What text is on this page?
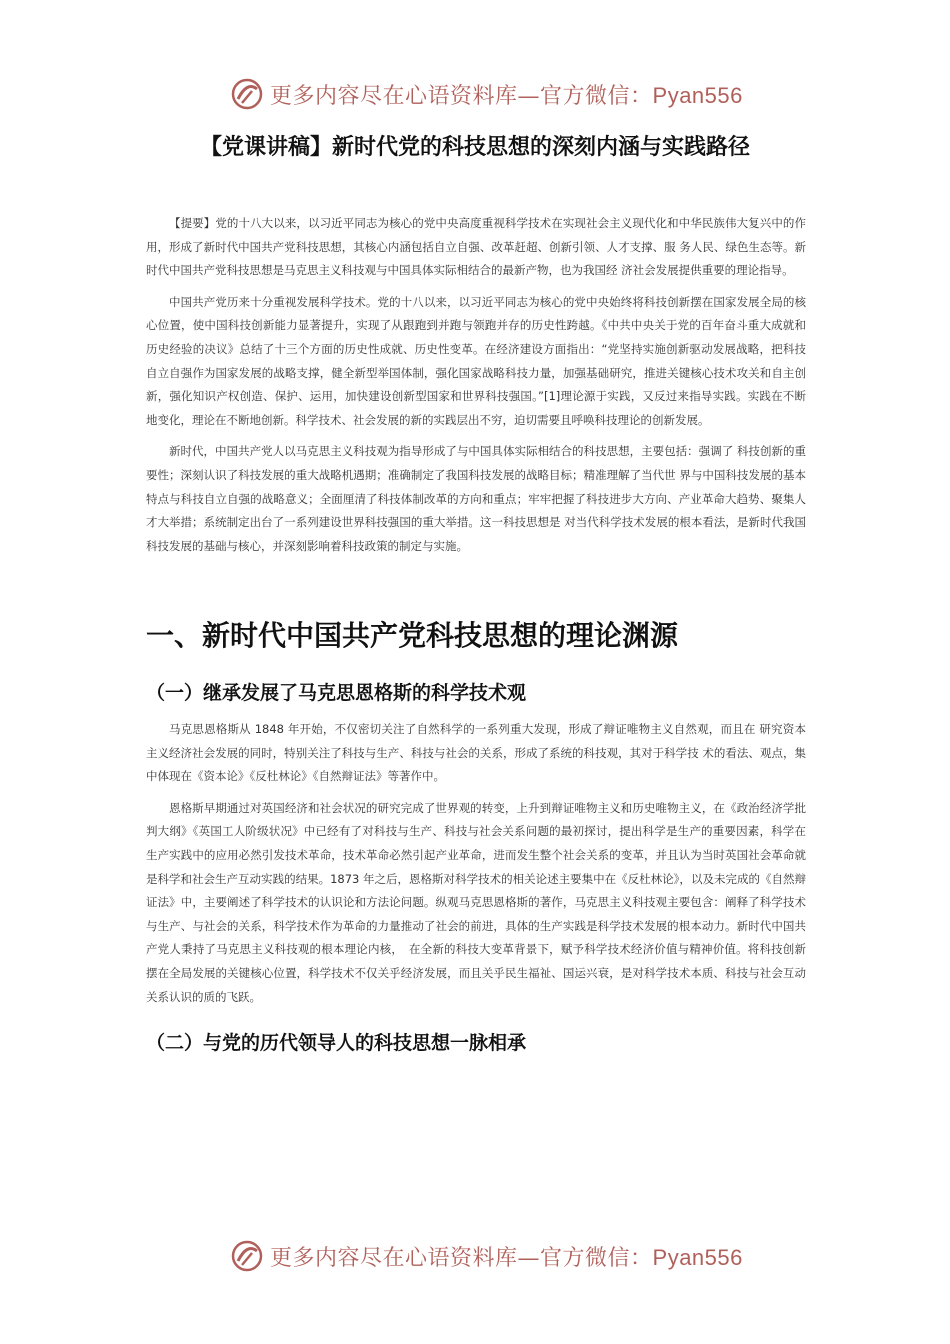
更多内容尽在心语资料库—官方微信：Pyan556
【党课讲稿】新时代党的科技思想的深刻内涵与实践路径

【提要】党的十八大以来，以习近平同志为核心的党中央高度重视科学技术在实现社会主义现代化和中华民族伟大复兴中的作用，形成了新时代中国共产党科技思想，其核心内涵包括自立自强、改革赶超、创新引领、人才支撑、服 务人民、绿色生态等。新时代中国共产党科技思想是马克思主义科技观与中国具体实际相结合的最新产物，也为我国经 济社会发展提供重要的理论指导。

中国共产党历来十分重视发展科学技术。党的十八以来，以习近平同志为核心的党中央始终将科技创新摆在国家发展全局的核心位置，使中国科技创新能力显著提升，实现了从跟跑到并跑与领跑并存的历史性跨越。《中共中央关于党的百年奋斗重大成就和历史经验的决议》总结了十三个方面的历史性成就、历史性变革。在经济建设方面指出：“党坚持实施创新驱动发展战略，把科技自立自强作为国家发展的战略支撑，健全新型举国体制，强化国家战略科技力量，加强基础研究，推进关键核心技术攻关和自主创新，强化知识产权创造、保护、运用，加快建设创新型国家和世界科技强国。”[1]理论源于实践，又反过来指导实践。实践在不断地变化，理论在不断地创新。科学技术、社会发展的新的实践层出不穷，迫切需要且呼唤科技理论的创新发展。

新时代，中国共产党人以马克思主义科技观为指导形成了与中国具体实际相结合的科技思想，主要包括：强调了 科技创新的重要性；深刻认识了科技发展的重大战略机遇期；准确制定了我国科技发展的战略目标；精准理解了当代世 界与中国科技发展的基本特点与科技自立自强的战略意义；全面厘清了科技体制改革的方向和重点；牢牢把握了科技进步大方向、产业革命大趋势、聚集人才大举措；系统制定出台了一系列建设世界科技强国的重大举措。这一科技思想是 对当代科学技术发展的根本看法，是新时代我国科技发展的基础与核心，并深刻影响着科技政策的制定与实施。

一、新时代中国共产党科技思想的理论渊源
（一）继承发展了马克思恩格斯的科学技术观

马克思恩格斯从 1848 年开始，不仅密切关注了自然科学的一系列重大发现，形成了辩证唯物主义自然观，而且在 研究资本主义经济社会发展的同时，特别关注了科技与生产、科技与社会的关系，形成了系统的科技观，其对于科学技 术的看法、观点，集中体现在《资本论》《反杜林论》《自然辩证法》等著作中。

恩格斯早期通过对英国经济和社会状况的研究完成了世界观的转变，上升到辩证唯物主义和历史唯物主义，在《政治经济学批判大纲》《英国工人阶级状况》中已经有了对科技与生产、科技与社会关系问题的最初探讨，提出科学是生产的重要因素，科学在生产实践中的应用必然引发技术革命，技术革命必然引起产业革命，进而发生整个社会关系的变革，并且认为当时英国社会革命就是科学和社会生产互动实践的结果。1873 年之后，恩格斯对科学技术的相关论述主要集中在《反杜林论》，以及未完成的《自然辩证法》中，主要阐述了科学技术的认识论和方法论问题。纵观马克思恩格斯的著作，马克思主义科技观主要包含：阐释了科学技术与生产、与社会的关系，科学技术作为革命的力量推动了社会的前进，具体的生产实践是科学技术发展的根本动力。新时代中国共产党人秉持了马克思主义科技观的根本理论内核，　在全新的科技大变革背景下，赋予科学技术经济价值与精神价值。将科技创新摆在全局发展的关键核心位置，科学技术不仅关乎经济发展，而且关乎民生福祉、国运兴衰，是对科学技术本质、科技与社会互动关系认识的质的飞跃。

（二）与党的历代领导人的科技思想一脉相承
更多内容尽在心语资料库—官方微信：Pyan556
